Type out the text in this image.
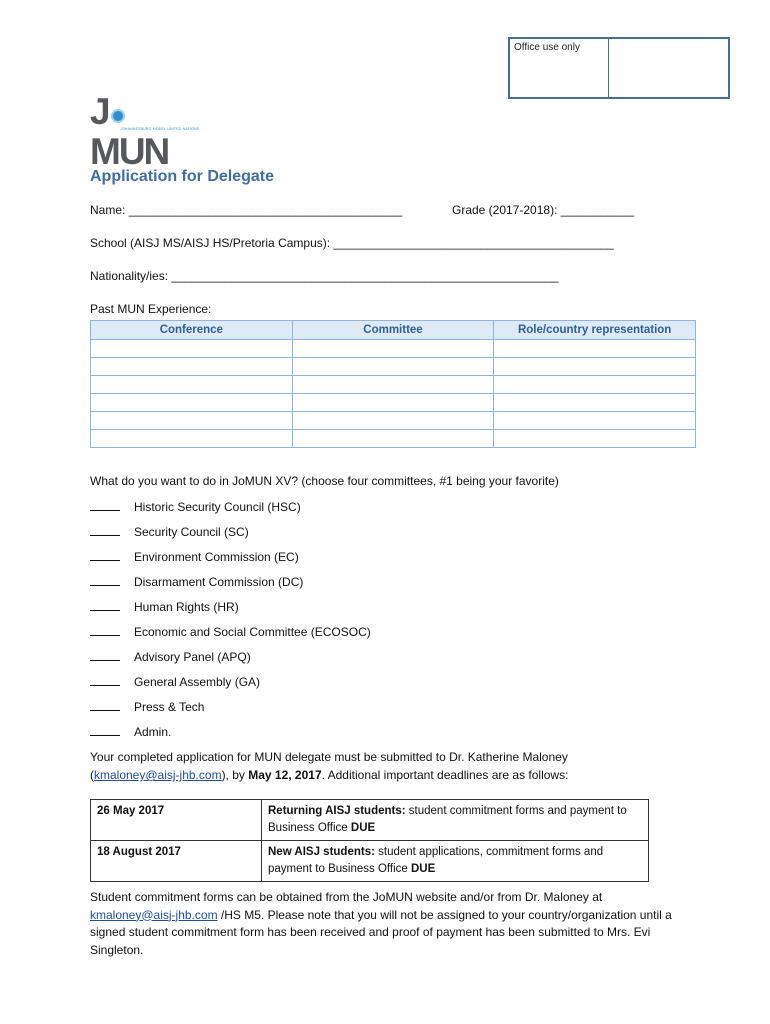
Office use only
JMUN
JOHANNESBURG MODEL UNITED NATIONS
Application for Delegate
Name: _________________________________________	Grade (2017-2018): ___________
School (AISJ MS/AISJ HS/Pretoria Campus): __________________________________________
Nationality/ies: __________________________________________________________
Past MUN Experience:
Conference	Committee	Role/country representation

What do you want to do in JoMUN XV? (choose four committees, #1 being your favorite)
Historic Security Council (HSC)
Security Council (SC)
Environment Commission (EC)
Disarmament Commission (DC)
Human Rights (HR)
Economic and Social Committee (ECOSOC)
Advisory Panel (APQ)
General Assembly (GA)
Press & Tech
Admin.
Your completed application for MUN delegate must be submitted to Dr. Katherine Maloney
(kmaloney@aisj-jhb.com), by May 12, 2017. Additional important deadlines are as follows:
26 May 2017	Returning AISJ students: student commitment forms and payment to Business Office DUE
18 August 2017	New AISJ students: student applications, commitment forms and payment to Business Office DUE
Student commitment forms can be obtained from the JoMUN website and/or from Dr. Maloney at
kmaloney@aisj-jhb.com /HS M5. Please note that you will not be assigned to your country/organization until a signed student commitment form has been received and proof of payment has been submitted to Mrs. Evi Singleton.
